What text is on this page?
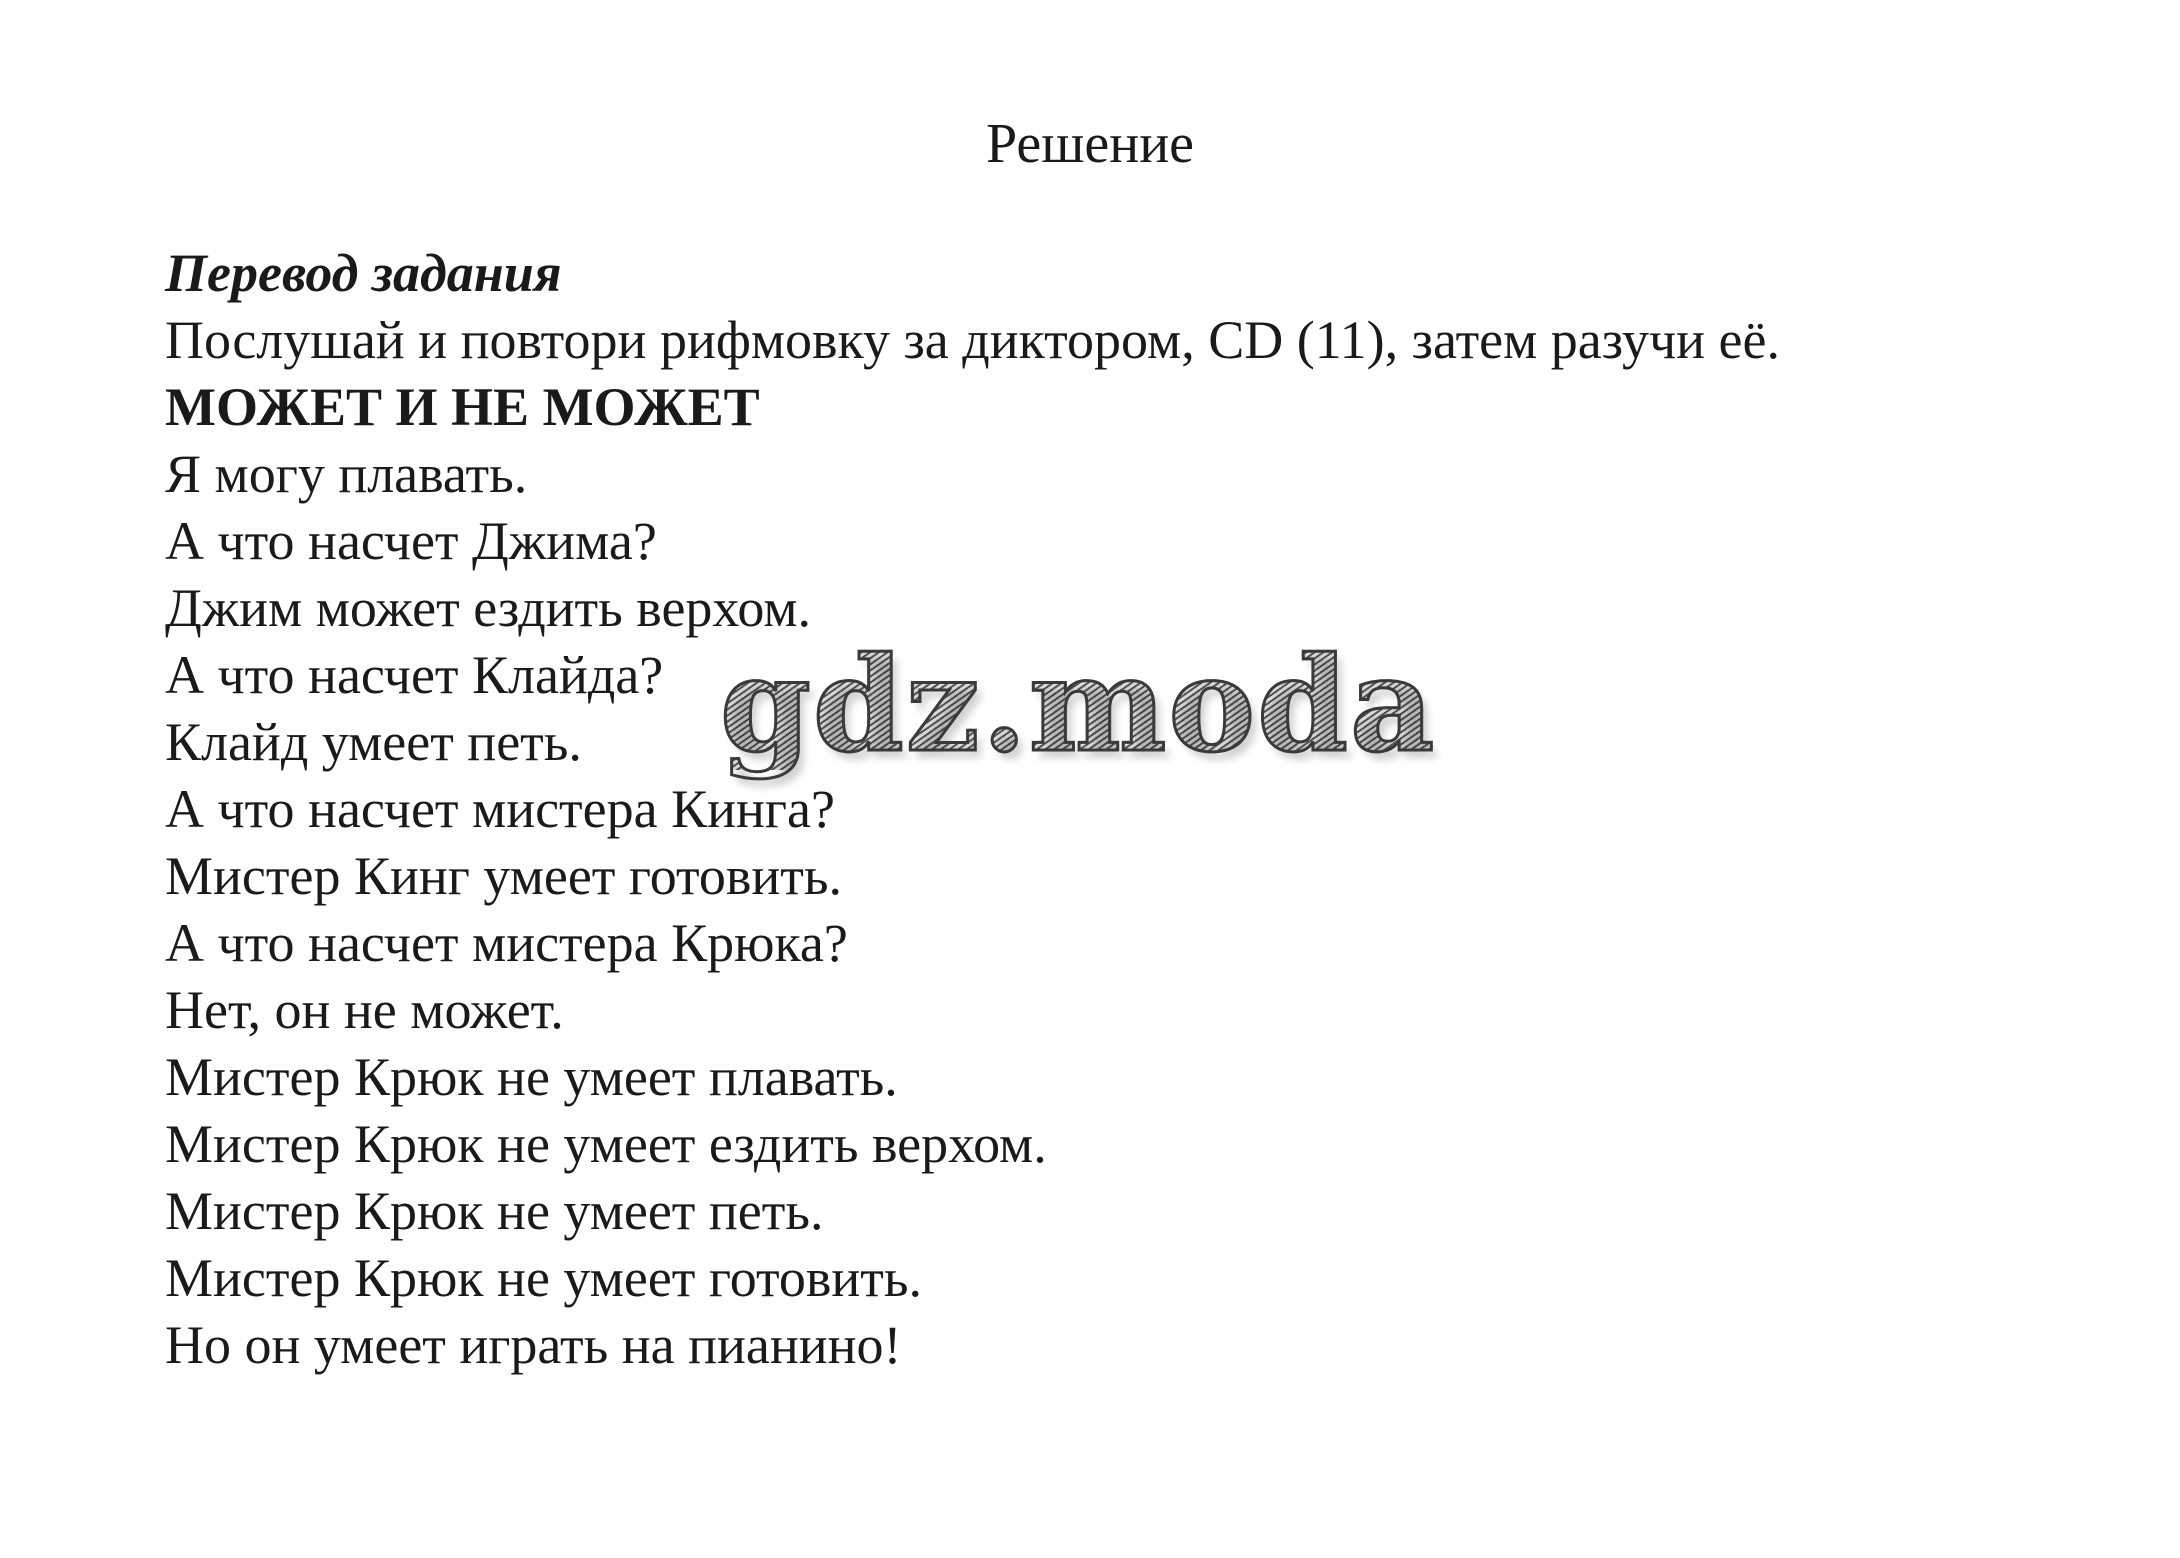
Решение
Перевод задания
Послушай и повтори рифмовку за диктором, CD (11), затем разучи её.
МОЖЕТ И НЕ МОЖЕТ
Я могу плавать.
А что насчет Джима?
Джим может ездить верхом.
А что насчет Клайда?
Клайд умеет петь.
А что насчет мистера Кинга?
Мистер Кинг умеет готовить.
А что насчет мистера Крюка?
Нет, он не может.
Мистер Крюк не умеет плавать.
Мистер Крюк не умеет ездить верхом.
Мистер Крюк не умеет петь.
Мистер Крюк не умеет готовить.
Но он умеет играть на пианино!
gdz.moda
